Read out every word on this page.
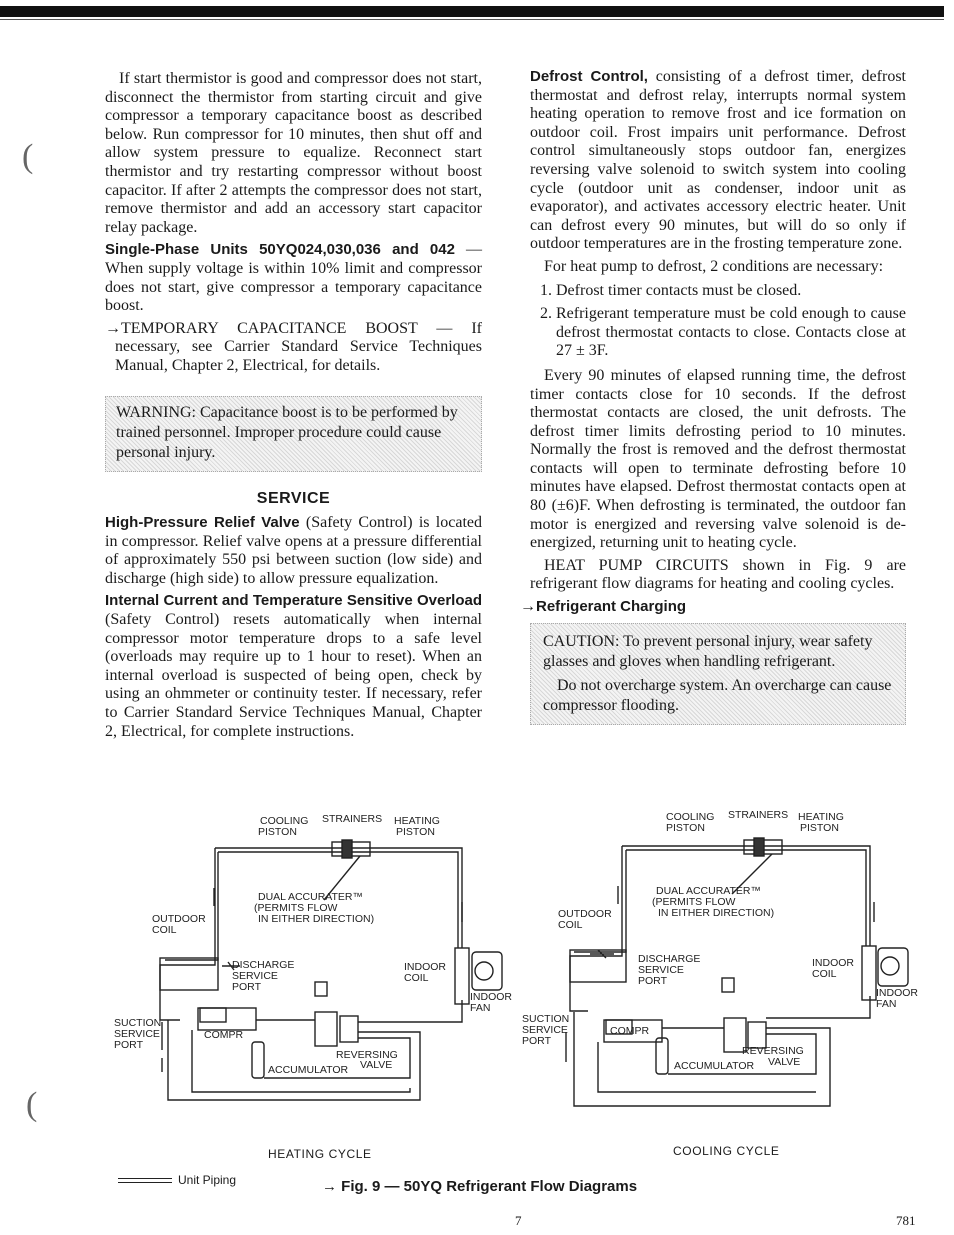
(
(

If start thermistor is good and compressor does not start, disconnect the thermistor from starting circuit and give compressor a temporary capacitance boost as described below. Run compressor for 10 minutes, then shut off and allow system pressure to equalize. Reconnect start thermistor and try restarting compressor without boost capacitor. If after 2 attempts the compressor does not start, remove thermistor and add an accessory start capacitor relay package.

Single-Phase Units 50YQ024,030,036 and 042 — When supply voltage is within 10% limit and compressor does not start, give compressor a temporary capacitance boost.

→TEMPORARY CAPACITANCE BOOST — If necessary, see Carrier Standard Service Techniques Manual, Chapter 2, Electrical, for details.

WARNING: Capacitance boost is to be performed by trained personnel. Improper procedure could cause personal injury.
SERVICE

High-Pressure Relief Valve (Safety Control) is located in compressor. Relief valve opens at a pressure differential of approximately 550 psi between suction (low side) and discharge (high side) to allow pressure equalization.

Internal Current and Temperature Sensitive Overload (Safety Control) resets automatically when internal compressor motor temperature drops to a safe level (overloads may require up to 1 hour to reset). When an internal overload is suspected of being open, check by using an ohmmeter or continuity tester. If necessary, refer to Carrier Standard Service Techniques Manual, Chapter 2, Electrical, for complete instructions.

Defrost Control, consisting of a defrost timer, defrost thermostat and defrost relay, interrupts normal system heating operation to remove frost and ice formation on outdoor coil. Frost impairs unit performance. Defrost control simultaneously stops outdoor fan, energizes reversing valve solenoid to switch system into cooling cycle (outdoor unit as condenser, indoor unit as evaporator), and activates accessory electric heater. Unit can defrost every 90 minutes, but will do so only if outdoor temperatures are in the frosting temperature zone.

For heat pump to defrost, 2 conditions are necessary:

1. Defrost timer contacts must be closed.
2. Refrigerant temperature must be cold enough to cause defrost thermostat contacts to close. Contacts close at 27 ± 3F.

Every 90 minutes of elapsed running time, the defrost timer contacts close for 10 seconds. If the defrost thermostat contacts are closed, the unit defrosts. The defrost timer limits defrosting period to 10 minutes. Normally the frost is removed and the defrost thermostat contacts will open to terminate defrosting before 10 minutes have elapsed. Defrost thermostat contacts open at 80 (±6)F. When defrosting is terminated, the outdoor fan motor is energized and reversing valve solenoid is de-energized, returning unit to heating cycle.

HEAT PUMP CIRCUITS shown in Fig. 9 are refrigerant flow diagrams for heating and cooling cycles.

→Refrigerant Charging

CAUTION: To prevent personal injury, wear safety glasses and gloves when handling refrigerant.

Do not overcharge system. An overcharge can cause compressor flooding.

COOLING
PISTON
STRAINERS HEATING
PISTON
DUAL ACCURATER™
(PERMITS FLOW
IN EITHER DIRECTION)
OUTDOOR
COIL
DISCHARGE
SERVICE
PORT
INDOOR
COIL
INDOOR
FAN
SUCTION
SERVICE
PORT
COMPR
REVERSING
VALVE
ACCUMULATOR
COOLING
PISTON
STRAINERS HEATING
PISTON
DUAL ACCURATER™
(PERMITS FLOW
IN EITHER DIRECTION)
OUTDOOR
COIL
DISCHARGE
SERVICE
PORT
INDOOR
COIL
INDOOR
FAN
SUCTION
SERVICE
PORT
COMPR
REVERSING
VALVE
ACCUMULATOR
HEATING CYCLE	COOLING CYCLE
Unit Piping	→ Fig. 9 — 50YQ Refrigerant Flow Diagrams
7	781
